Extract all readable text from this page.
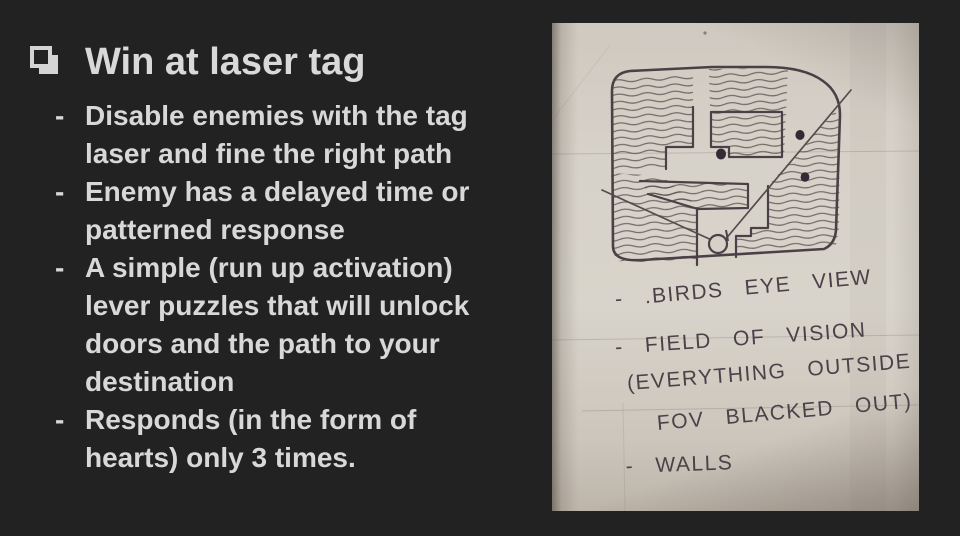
Win at laser tag
- Disable enemies with the tag
laser and fine the right path
- Enemy has a delayed time or
patterned response
- A simple (run up activation)
lever puzzles that will unlock
doors and the path to your
destination
- Responds (in the form of
hearts) only 3 times.
- .BIRDS EYE VIEW
- FIELD OF VISION
(EVERYTHING OUTSIDE
FOV BLACKED OUT)
- WALLS
